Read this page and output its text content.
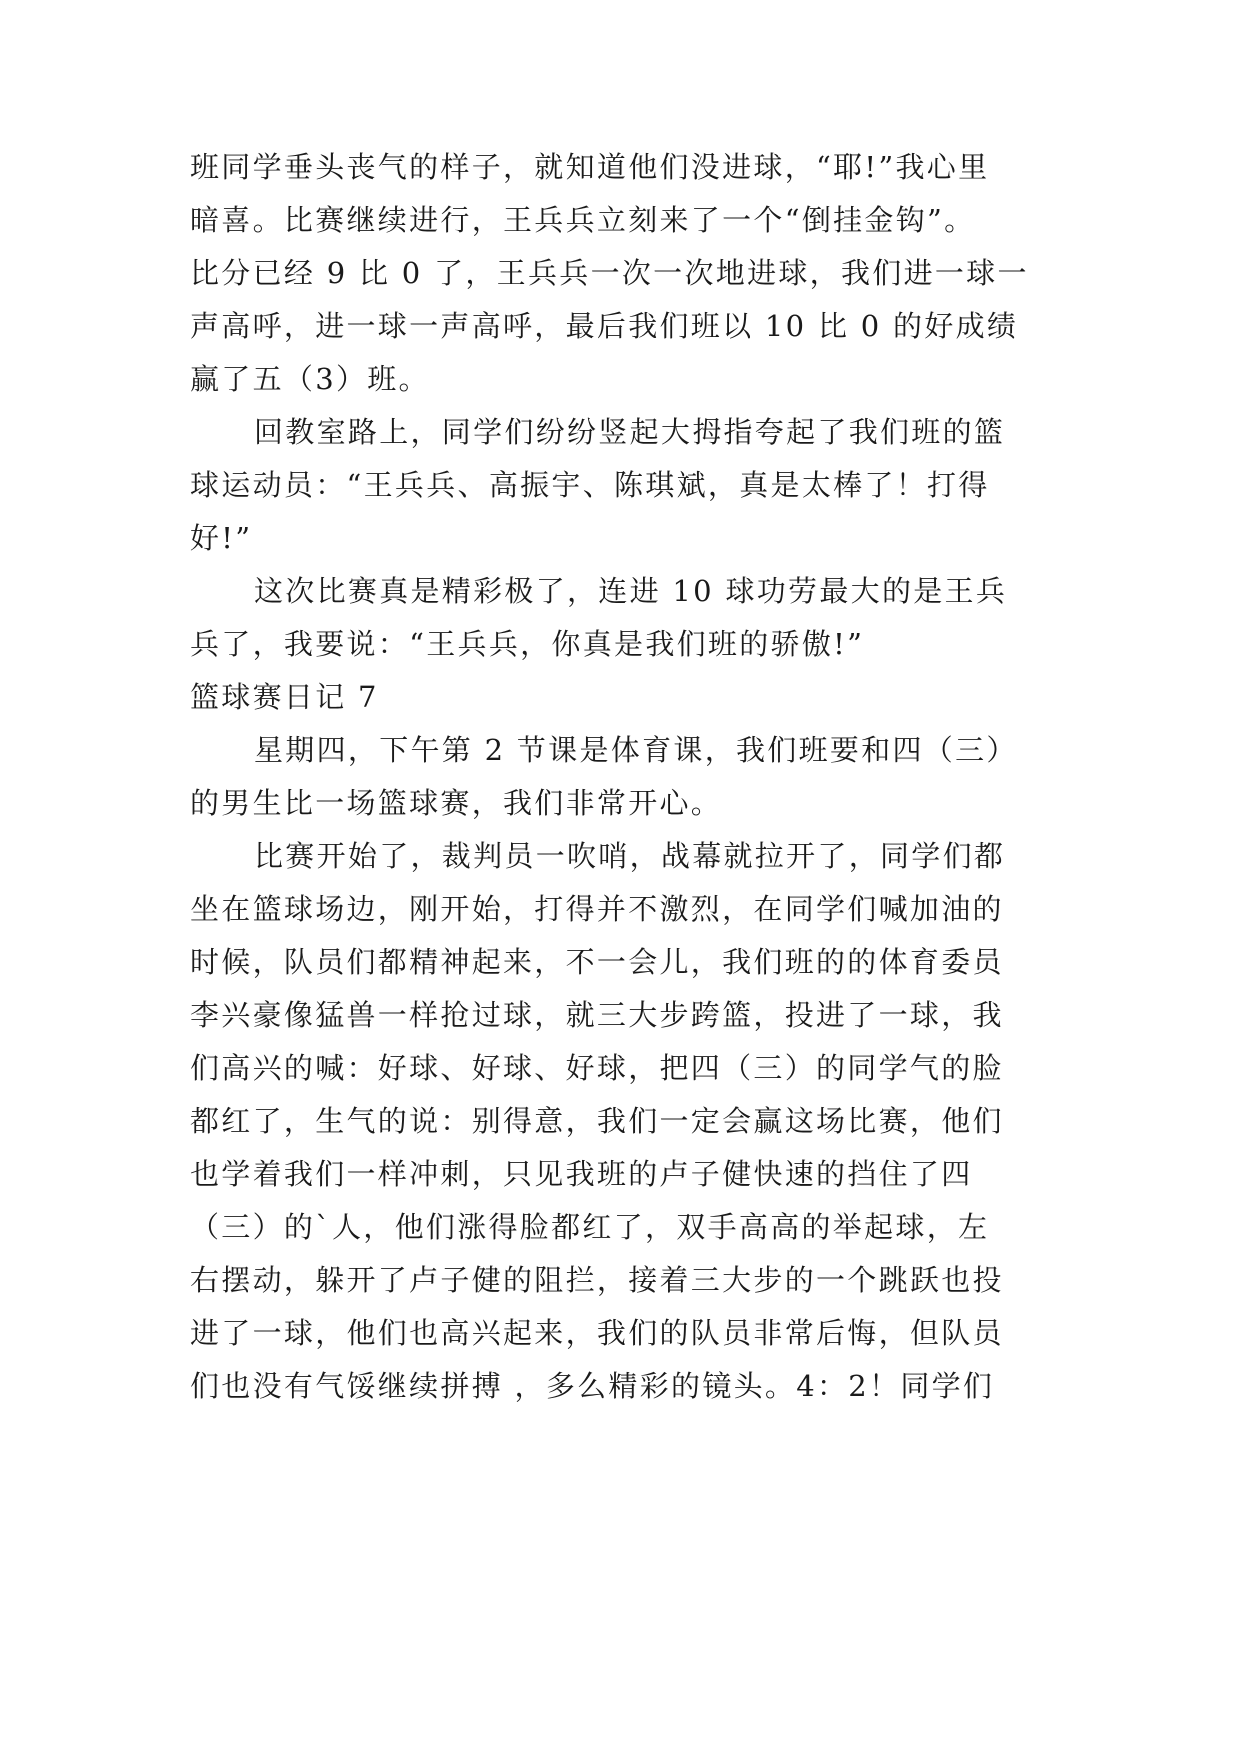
班同学垂头丧气的样子，就知道他们没进球，“耶!”我心里
暗喜。比赛继续进行，王兵兵立刻来了一个“倒挂金钩”。
比分已经 9 比 0 了，王兵兵一次一次地进球，我们进一球一
声高呼，进一球一声高呼，最后我们班以 10 比 0 的好成绩
赢了五（3）班。
回教室路上，同学们纷纷竖起大拇指夸起了我们班的篮
球运动员：“王兵兵、高振宇、陈琪斌，真是太棒了！打得
好!”
这次比赛真是精彩极了，连进 10 球功劳最大的是王兵
兵了，我要说：“王兵兵，你真是我们班的骄傲!”
篮球赛日记 7
星期四，下午第 2 节课是体育课，我们班要和四（三）
的男生比一场篮球赛，我们非常开心。
比赛开始了，裁判员一吹哨，战幕就拉开了，同学们都
坐在篮球场边，刚开始，打得并不激烈，在同学们喊加油的
时候，队员们都精神起来，不一会儿，我们班的的体育委员
李兴豪像猛兽一样抢过球，就三大步跨篮，投进了一球，我
们高兴的喊：好球、好球、好球，把四（三）的同学气的脸
都红了，生气的说：别得意，我们一定会赢这场比赛，他们
也学着我们一样冲刺，只见我班的卢子健快速的挡住了四
（三）的`人，他们涨得脸都红了，双手高高的举起球，左
右摆动，躲开了卢子健的阻拦，接着三大步的一个跳跃也投
进了一球，他们也高兴起来，我们的队员非常后悔，但队员
们也没有气馁继续拼搏 ，多么精彩的镜头。4：2！同学们
